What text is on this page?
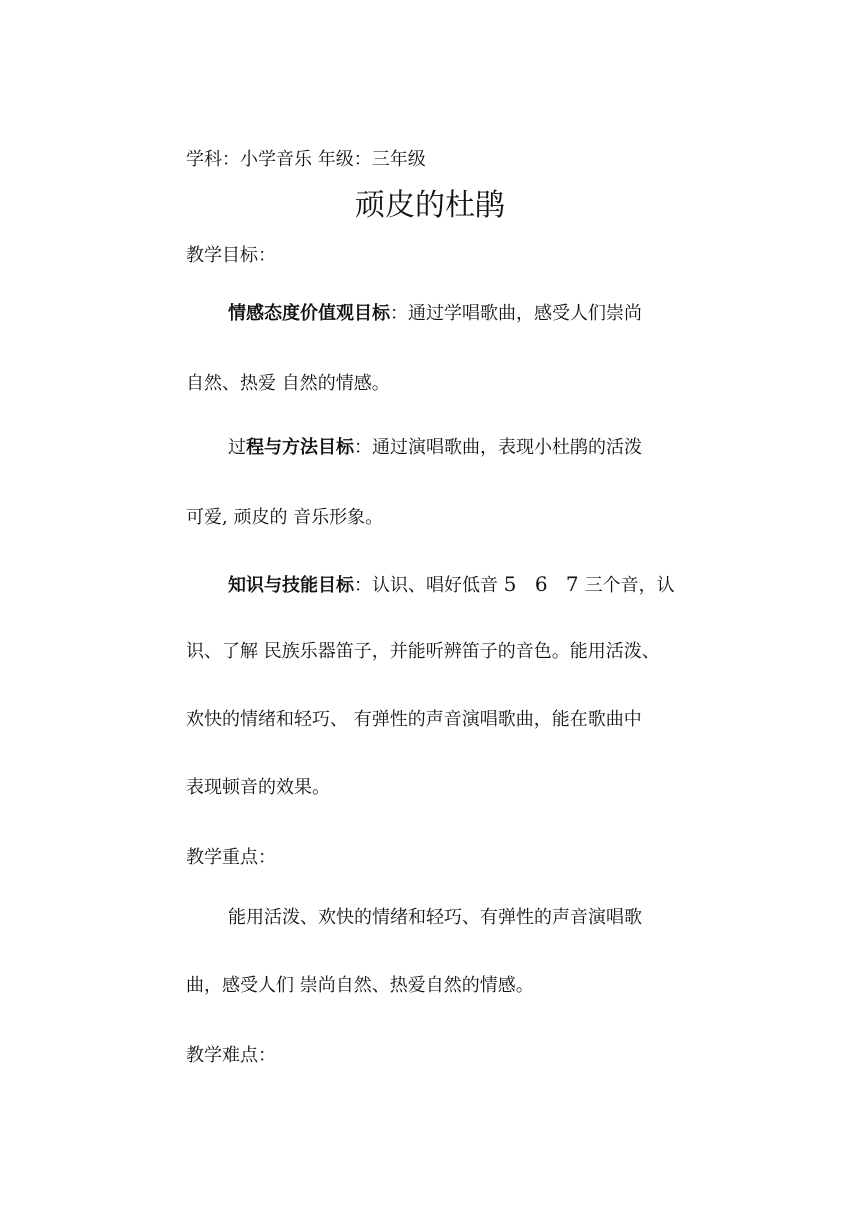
学科：小学音乐 年级：三年级
顽皮的杜鹃
教学目标：
情感态度价值观目标：通过学唱歌曲，感受人们崇尚
自然、热爱 自然的情感。
过程与方法目标：通过演唱歌曲，表现小杜鹃的活泼
可爱, 顽皮的 音乐形象。
知识与技能目标：认识、唱好低音 5 6 7三个音，认
识、了解 民族乐器笛子，并能听辨笛子的音色。能用活泼、
欢快的情绪和轻巧、 有弹性的声音演唱歌曲，能在歌曲中
表现顿音的效果。
教学重点：
能用活泼、欢快的情绪和轻巧、有弹性的声音演唱歌
曲，感受人们 崇尚自然、热爱自然的情感。
教学难点：
